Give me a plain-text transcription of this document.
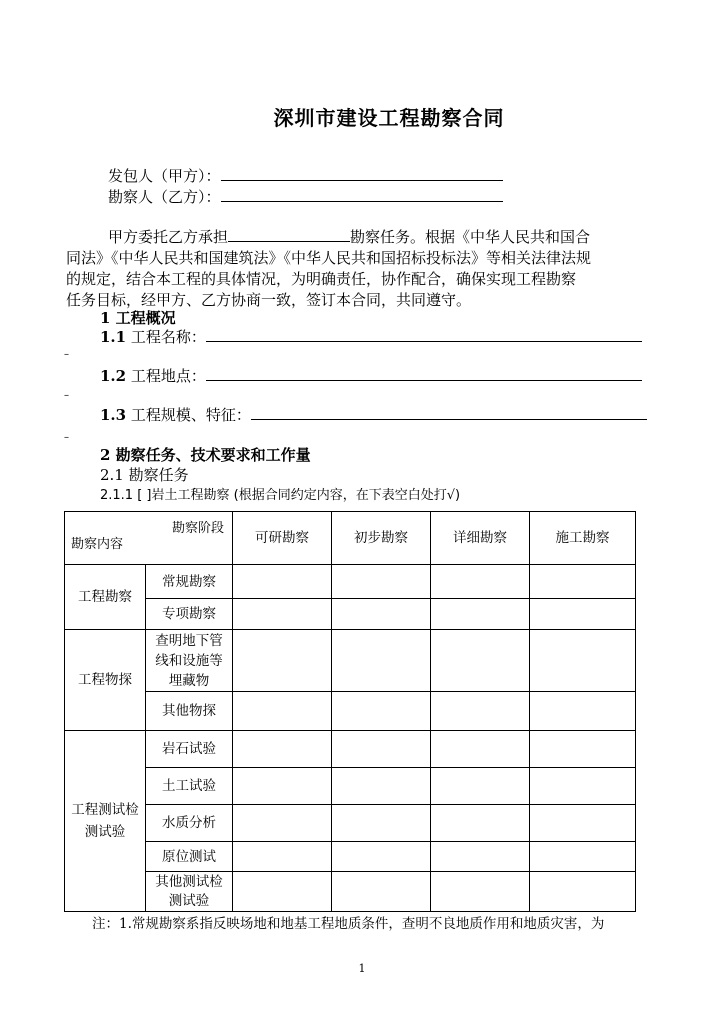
深圳市建设工程勘察合同
发包人（甲方）：
勘察人（乙方）：
甲方委托乙方承担	勘察任务。根据《中华人民共和国合
同法》《中华人民共和国建筑法》《中华人民共和国招标投标法》等相关法律法规
的规定，结合本工程的具体情况，为明确责任，协作配合，确保实现工程勘察
任务目标，经甲方、乙方协商一致，签订本合同，共同遵守。
1 工程概况
1.1 工程名称：
–
1.2 工程地点：
–
1.3 工程规模、特征：
–
2 勘察任务、技术要求和工作量
2.1 勘察任务
2.1.1 [ ]岩土工程勘察 (根据合同约定内容，在下表空白处打√)
勘察阶段
勘察内容		可研勘察	初步勘察	详细勘察	施工勘察
工程勘察	常规勘察				
	专项勘察				
工程物探	查明地下管线和设施等埋藏物				

	其他物探				

工程测试检测试验	岩石试验				
	土工试验				
	水质分析				
	原位测试				

	其他测试检测试验				

注：1.常规勘察系指反映场地和地基工程地质条件，查明不良地质作用和地质灾害，为
1
